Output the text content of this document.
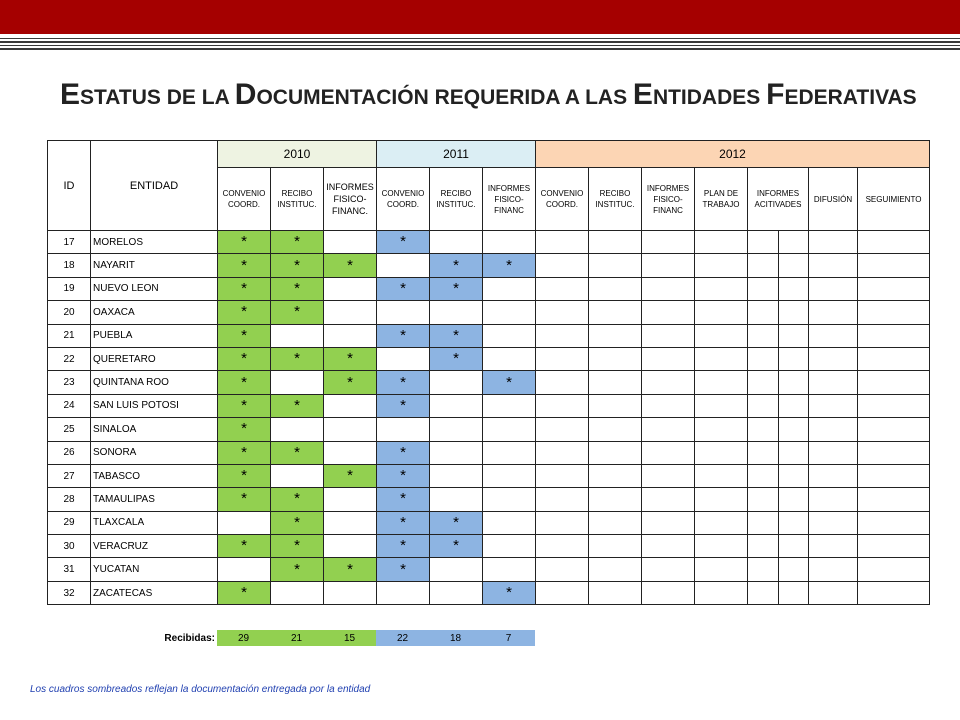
ESTATUS DE LA DOCUMENTACIÓN REQUERIDA A LAS ENTIDADES FEDERATIVAS
ID	ENTIDAD	2010			2011			2012							
		CONVENIO COORD.	RECIBO INSTITUC.	INFORMES FISICO-FINANC.	CONVENIO COORD.	RECIBO INSTITUC.	INFORMES FISICO-FINANC	CONVENIO COORD.	RECIBO INSTITUC.	INFORMES FISICO-FINANC	PLAN DE TRABAJO	INFORMES ACITIVADES		DIFUSIÓN	SEGUIMIENTO
17	MORELOS	*	*		*										
18	NAYARIT	*	*	*		*	*								
19	NUEVO LEON	*	*		*	*									
20	OAXACA	*	*												
21	PUEBLA	*			*	*									
22	QUERETARO	*	*	*		*									
23	QUINTANA ROO	*		*	*		*								
24	SAN LUIS POTOSI	*	*		*										
25	SINALOA	*													
26	SONORA	*	*		*										
27	TABASCO	*		*	*										
28	TAMAULIPAS	*	*		*										
29	TLAXCALA		*		*	*									
30	VERACRUZ	*	*		*	*									
31	YUCATAN		*	*	*										
32	ZACATECAS	*					*								
Recibidas:	29	21	15	22	18	7
Los cuadros sombreados reflejan la documentación entregada por la entidad
